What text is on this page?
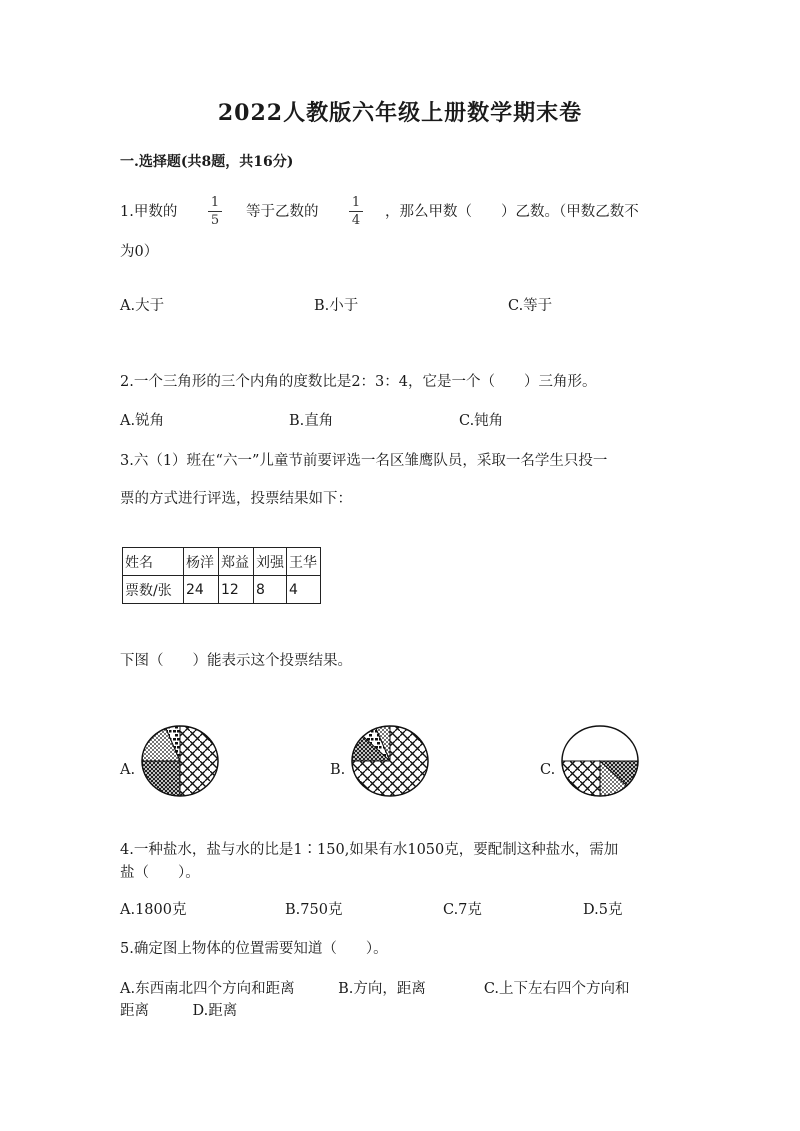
2022人教版六年级上册数学期末卷
一.选择题(共8题，共16分)
1.甲数的
1
5
等于乙数的
1
4
，那么甲数（　　）乙数。（甲数乙数不
为0）
A.大于	B.小于	C.等于
2.一个三角形的三个内角的度数比是2：3：4，它是一个（　　）三角形。
A.锐角	B.直角	C.钝角
3.六（1）班在“六一”儿童节前要评选一名区雏鹰队员，采取一名学生只投一
票的方式进行评选，投票结果如下：
姓名	杨洋	郑益	刘强	王华
票数/张	24	12	8	4
下图（　　）能表示这个投票结果。
A.	B.	C.
4.一种盐水，盐与水的比是1∶150,如果有水1050克，要配制这种盐水，需加
盐（　　）。
A.1800克	B.750克	C.7克	D.5克
5.确定图上物体的位置需要知道（　　）。
A.东西南北四个方向和距离　　　B.方向，距离　　　　C.上下左右四个方向和
距离　　　D.距离
